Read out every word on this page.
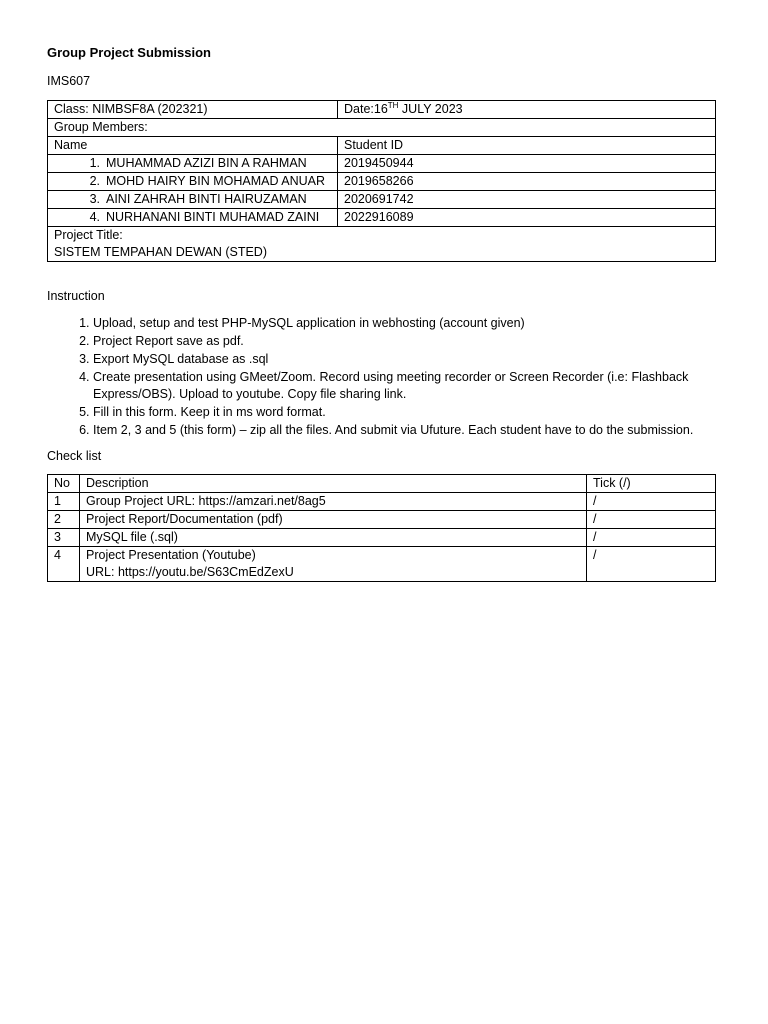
Group Project Submission
IMS607
Class: NIMBSF8A (202321)	Date:16TH JULY 2023
Group Members:	
Name	Student ID
1. MUHAMMAD AZIZI BIN A RAHMAN	2019450944
2. MOHD HAIRY BIN MOHAMAD ANUAR	2019658266
3. AINI ZAHRAH BINTI HAIRUZAMAN	2020691742
4. NURHANANI BINTI MUHAMAD ZAINI	2022916089

Project Title:
SISTEM TEMPAHAN DEWAN (STED)	
Instruction
1. Upload, setup and test PHP-MySQL application in webhosting (account given)
2. Project Report save as pdf.
3. Export MySQL database as .sql
4. Create presentation using GMeet/Zoom. Record using meeting recorder or Screen Recorder (i.e: Flashback Express/OBS). Upload to youtube. Copy file sharing link.
5. Fill in this form. Keep it in ms word format.
6. Item 2, 3 and 5 (this form) – zip all the files. And submit via Ufuture. Each student have to do the submission.
Check list
No	Description	Tick (/)
1	Group Project URL: https://amzari.net/8ag5	/
2	Project Report/Documentation (pdf)	/
3	MySQL file (.sql)	/
4	Project Presentation (Youtube)
URL: https://youtu.be/S63CmEdZexU	/
